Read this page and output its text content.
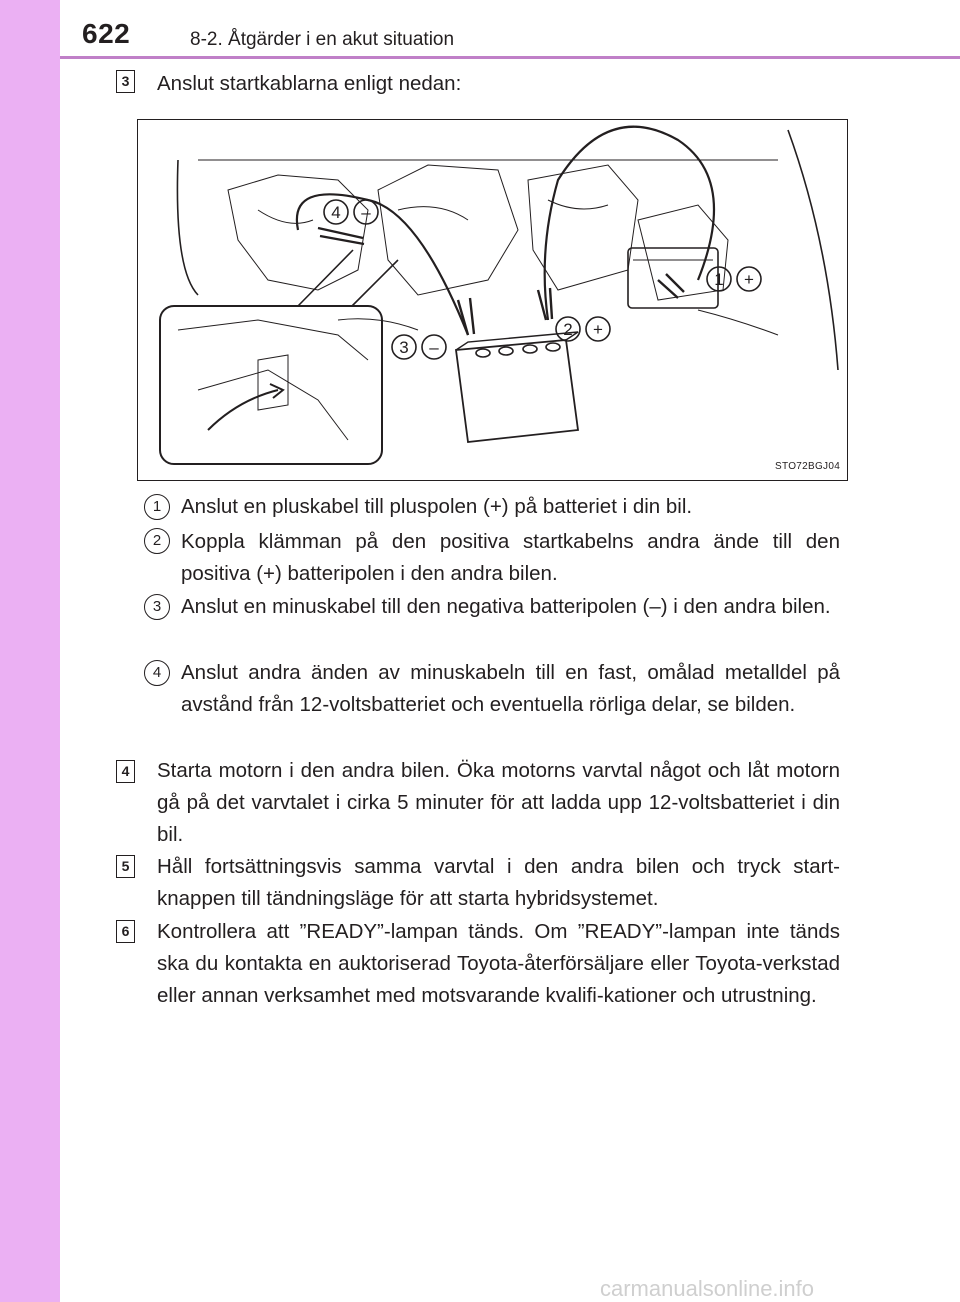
622	8-2. Åtgärder i en akut situation
3 Anslut startkablarna enligt nedan:
4 –
1 +
2 +
3 –
STO72BGJ04
1 Anslut en pluskabel till pluspolen (+) på batteriet i din bil.
2 Koppla klämman på den positiva startkabelns andra ände till den positiva (+) batteripolen i den andra bilen.
3 Anslut en minuskabel till den negativa batteripolen (–) i den andra bilen.
4 Anslut andra änden av minuskabeln till en fast, omålad metalldel på avstånd från 12-voltsbatteriet och eventuella rörliga delar, se bilden.
4 Starta motorn i den andra bilen. Öka motorns varvtal något och låt motorn gå på det varvtalet i cirka 5 minuter för att ladda upp 12-voltsbatteriet i din bil.
5 Håll fortsättningsvis samma varvtal i den andra bilen och tryck start-knappen till tändningsläge för att starta hybridsystemet.
6 Kontrollera att ”READY”-lampan tänds. Om ”READY”-lampan inte tänds ska du kontakta en auktoriserad Toyota-återförsäljare eller Toyota-verkstad eller annan verksamhet med motsvarande kvalifi-kationer och utrustning.
carmanualsonline.info
